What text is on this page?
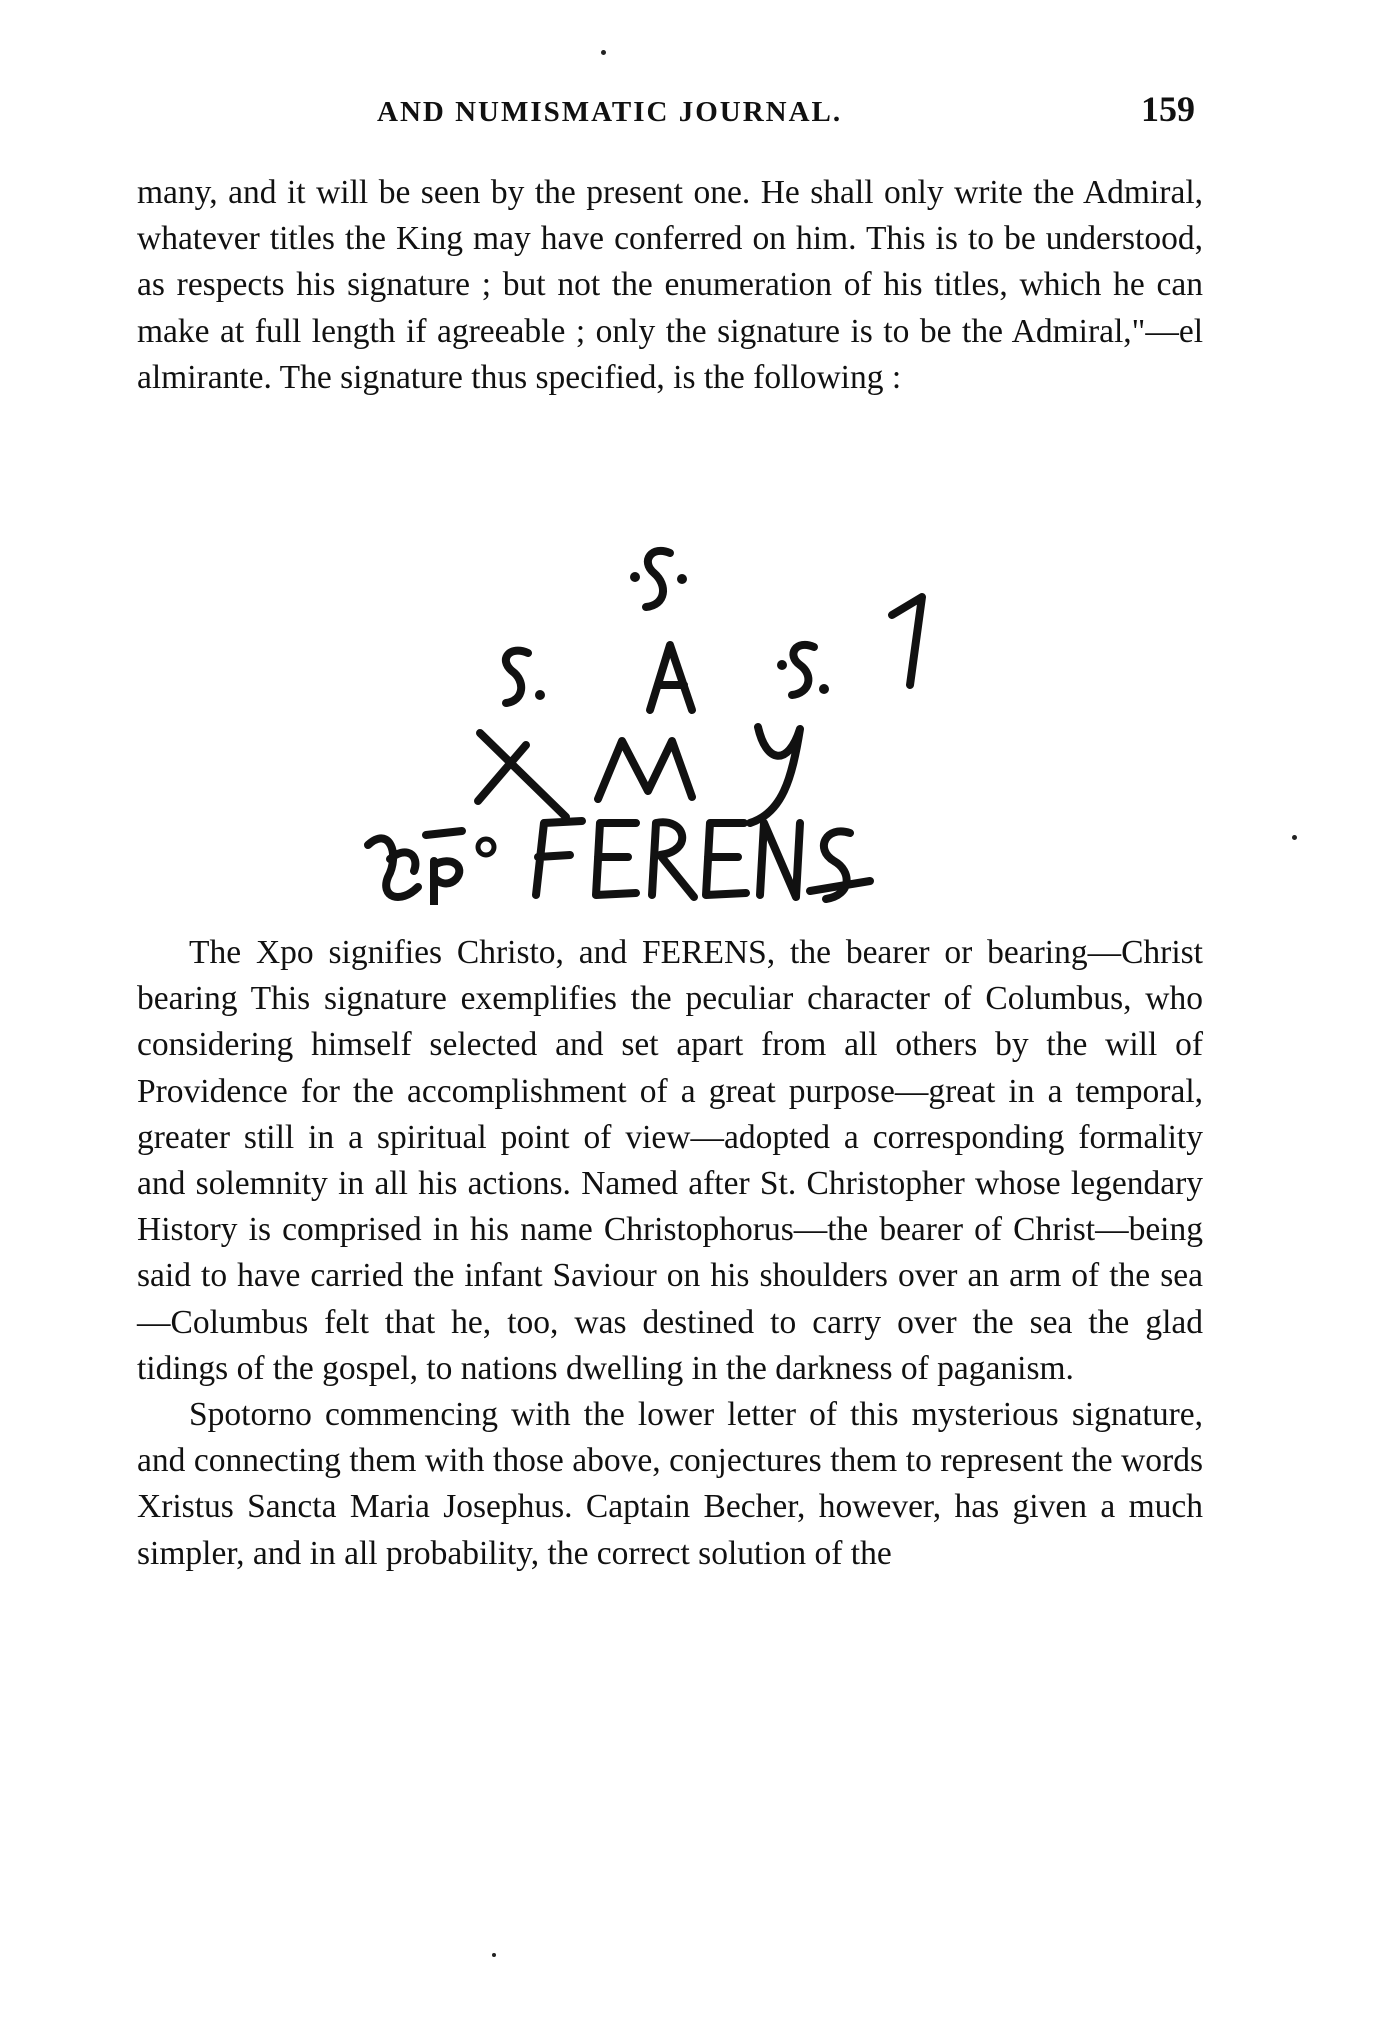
AND NUMISMATIC JOURNAL.	159

many, and it will be seen by the present one. He shall only write the Admiral, whatever titles the King may have conferred on him. This is to be understood, as respects his signature ; but not the enumeration of his titles, which he can make at full length if agreeable ; only the signature is to be the Admiral,"—el almirante. The signature thus specified, is the following :

The Xpo signifies Christo, and FERENS, the bearer or bearing—Christ bearing This signature exemplifies the peculiar character of Columbus, who considering himself selected and set apart from all others by the will of Providence for the accomplishment of a great purpose—great in a temporal, greater still in a spiritual point of view—adopted a corresponding formality and solemnity in all his actions. Named after St. Christopher whose legendary History is comprised in his name Christophorus—the bearer of Christ—being said to have carried the infant Saviour on his shoulders over an arm of the sea—Columbus felt that he, too, was destined to carry over the sea the glad tidings of the gospel, to nations dwelling in the darkness of paganism.

Spotorno commencing with the lower letter of this mysterious signature, and connecting them with those above, conjectures them to represent the words Xristus Sancta Maria Josephus. Captain Becher, however, has given a much simpler, and in all probability, the correct solution of the
